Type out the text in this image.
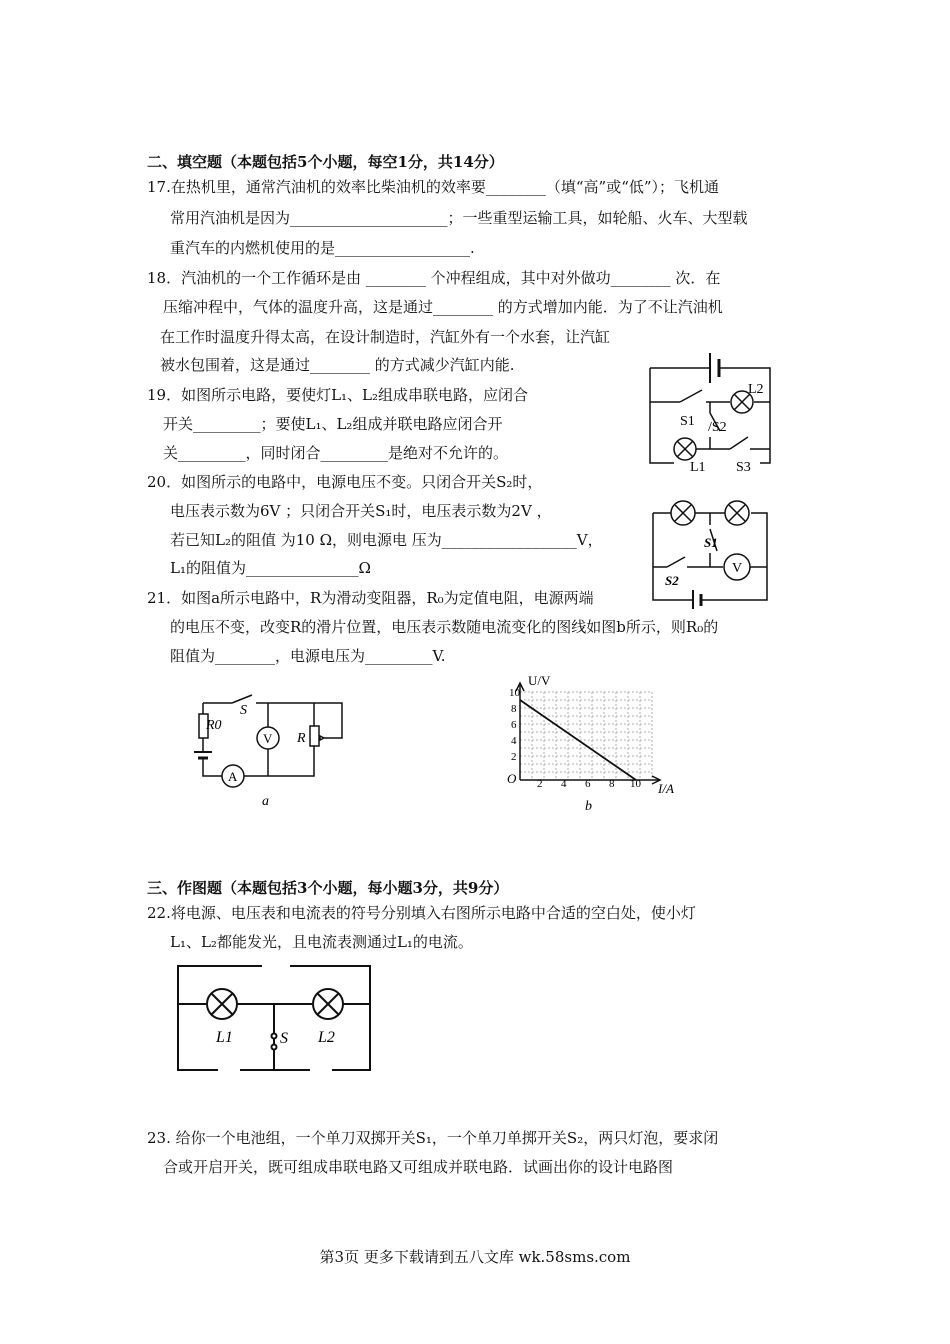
二、填空题（本题包括5个小题，每空1分，共14分）
17.在热机里，通常汽油机的效率比柴油机的效率要________（填“高”或“低”）；飞机通
常用汽油机是因为_____________________；一些重型运输工具，如轮船、火车、大型载
重汽车的内燃机使用的是__________________.
18．汽油机的一个工作循环是由 ________ 个冲程组成，其中对外做功________ 次．在
压缩冲程中，气体的温度升高，这是通过________ 的方式增加内能．为了不让汽油机
在工作时温度升得太高，在设计制造时，汽缸外有一个水套，让汽缸
被水包围着，这是通过________ 的方式减少汽缸内能.
19．如图所示电路，要使灯L₁、L₂组成串联电路，应闭合
开关_________；要使L₁、L₂组成并联电路应闭合开
关_________，同时闭合_________是绝对不允许的。
L2
S1 /S2
L1 S3
20．如图所示的电路中，电源电压不变。只闭合开关S₂时，
电压表示数为6V ；只闭合开关S₁时，电压表示数为2V ，
若已知L₂的阻值 为10 Ω，则电源电 压为__________________V，
L₁的阻值为_______________Ω
S1
S2
V
21．如图a所示电路中，R为滑动变阻器，R₀为定值电阻，电源两端
的电压不变，改变R的滑片位置，电压表示数随电流变化的图线如图b所示，则R₀的
阻值为________，电源电压为_________V.
S
R0
V R
A
a
U/V
I/A
O
10
8
6
4
2
2 4 6 8 10
b
三、作图题（本题包括3个小题，每小题3分，共9分）
22.将电源、电压表和电流表的符号分别填入右图所示电路中合适的空白处，使小灯
L₁、L₂都能发光，且电流表测通过L₁的电流。
L1	S L2
23. 给你一个电池组，一个单刀双掷开关S₁，一个单刀单掷开关S₂，两只灯泡，要求闭
合或开启开关，既可组成串联电路又可组成并联电路．试画出你的设计电路图
第3页 更多下载请到五八文库 wk.58sms.com
